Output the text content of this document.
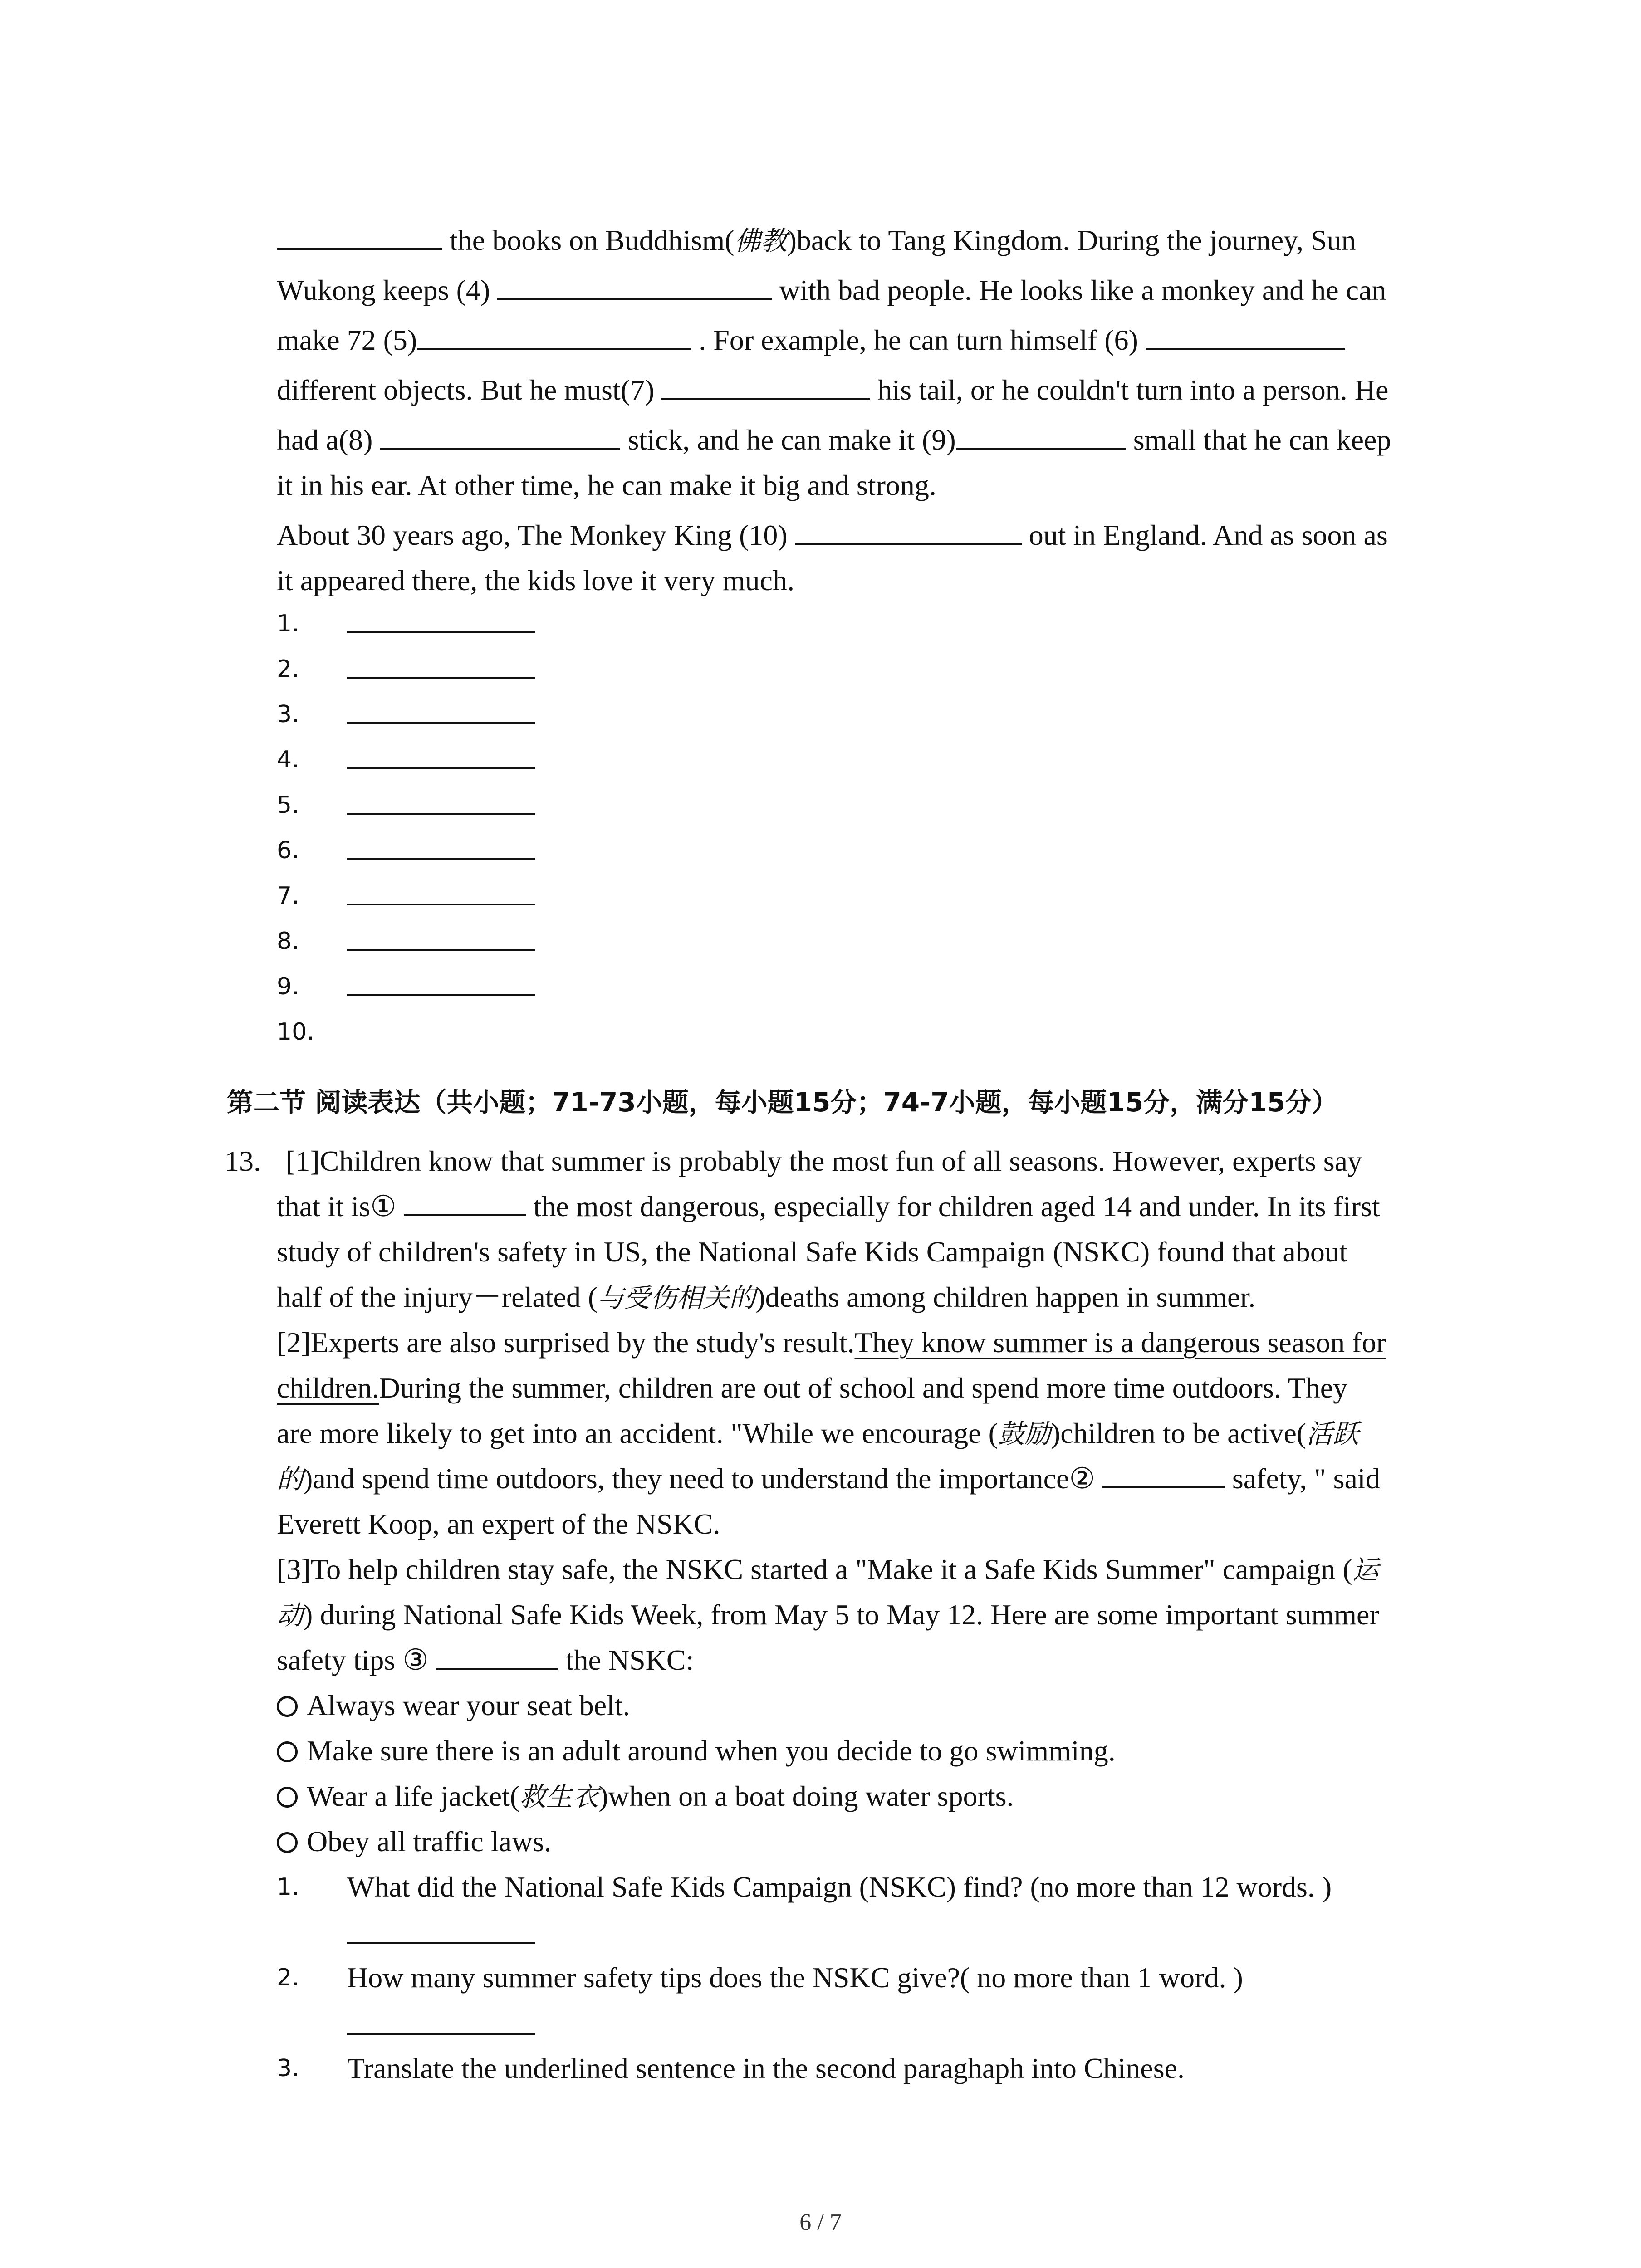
the books on Buddhism(佛教)back to Tang Kingdom. During the journey, Sun
Wukong keeps (4)	with bad people. He looks like a monkey and he can
make 72 (5)	. For example, he can turn himself (6)
different objects. But he must(7)	his tail, or he couldn't turn into a person. He
had a(8)	stick, and he can make it (9)	small that he can keep
it in his ear. At other time, he can make it big and strong.
About 30 years ago, The Monkey King (10)	out in England. And as soon as
it appeared there, the kids love it very much.
1.
2.
3.
4.
5.
6.
7.
8.
9.
10.
第二节 阅读表达（共小题；71-73小题，每小题15分；74-7小题，每小题15分，满分15分）
13. [1]Children know that summer is probably the most fun of all seasons. However, experts say
that it is①	the most dangerous, especially for children aged 14 and under. In its first
study of children's safety in US, the National Safe Kids Campaign (NSKC) found that about
half of the injury－related (与受伤相关的)deaths among children happen in summer.
[2]Experts are also surprised by the study's result.They know summer is a dangerous season for
children.During the summer, children are out of school and spend more time outdoors. They
are more likely to get into an accident. "While we encourage (鼓励)children to be active(活跃
的)and spend time outdoors, they need to understand the importance②	safety, " said
Everett Koop, an expert of the NSKC.
[3]To help children stay safe, the NSKC started a "Make it a Safe Kids Summer" campaign (运
动) during National Safe Kids Week, from May 5 to May 12. Here are some important summer
safety tips ③	the NSKC:
Always wear your seat belt.
Make sure there is an adult around when you decide to go swimming.
Wear a life jacket(救生衣)when on a boat doing water sports.
Obey all traffic laws.
1. What did the National Safe Kids Campaign (NSKC) find? (no more than 12 words. )
2. How many summer safety tips does the NSKC give?( no more than 1 word. )
3. Translate the underlined sentence in the second paraghaph into Chinese.
6 / 7
